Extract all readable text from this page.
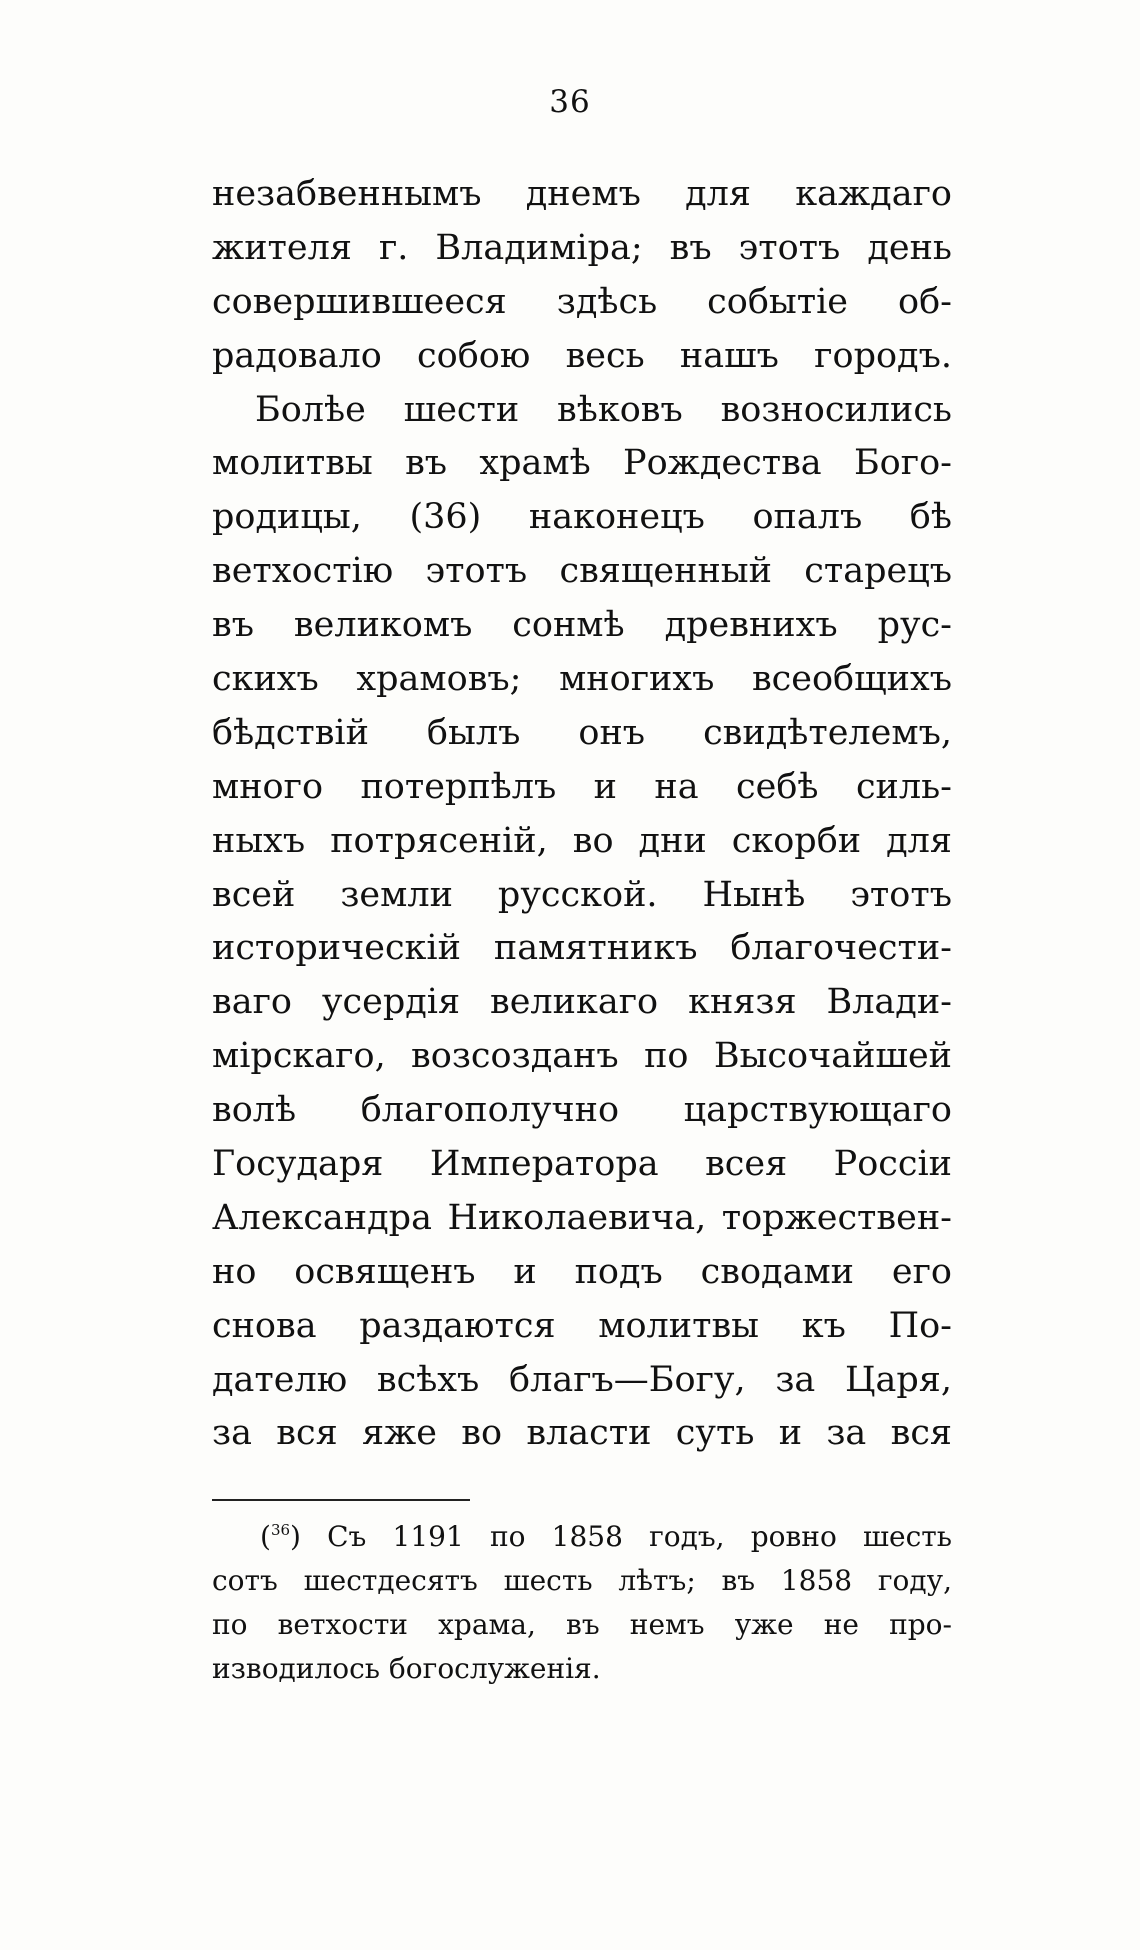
36
незабвеннымъ днемъ для каждаго
жителя г. Владиміра; въ этотъ день
совершившееся здѣсь событіе об-
радовало собою весь нашъ городъ.
Болѣе шести вѣковъ возносились
молитвы въ храмѣ Рождества Бого-
родицы, (36) наконецъ опалъ бѣ
ветхостію этотъ священный старецъ
въ великомъ сонмѣ древнихъ рус-
скихъ храмовъ; многихъ всеобщихъ
бѣдствій былъ онъ свидѣтелемъ,
много потерпѣлъ и на себѣ силь-
ныхъ потрясеній, во дни скорби для
всей земли русской. Нынѣ этотъ
историческій памятникъ благочести-
ваго усердія великаго князя Влади-
мірскаго, возсозданъ по Высочайшей
волѣ благополучно царствующаго
Государя Императора всея Россіи
Александра Николаевича, торжествен-
но освященъ и подъ сводами его
снова раздаются молитвы къ По-
дателю всѣхъ благъ—Богу, за Царя,
за вся яже во власти суть и за вся
($^{36}$) Съ 1191 по 1858 годъ, ровно шесть
сотъ шестдесятъ шесть лѣтъ; въ 1858 году,
по ветхости храма, въ немъ уже не про-
изводилось богослуженія.
